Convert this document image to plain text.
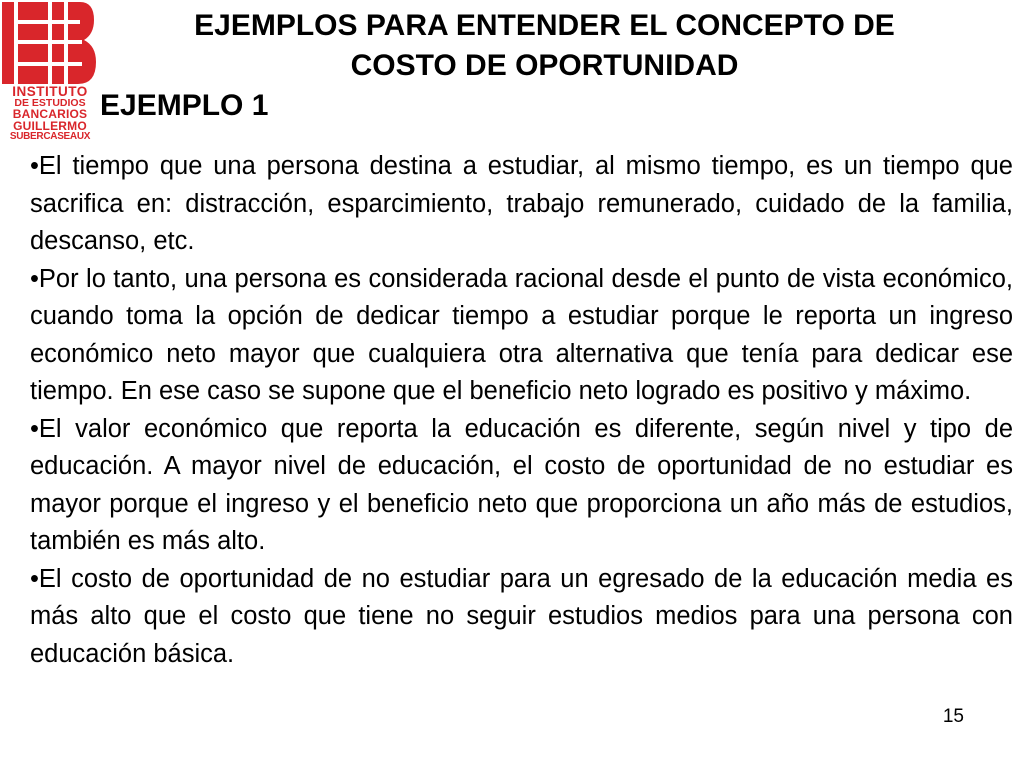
INSTITUTO
DE ESTUDIOS
BANCARIOS
GUILLERMO
SUBERCASEAUX
EJEMPLOS PARA ENTENDER EL CONCEPTO DE
COSTO DE OPORTUNIDAD
EJEMPLO 1

•El tiempo que una persona destina a estudiar, al mismo tiempo, es un tiempo que sacrifica en: distracción, esparcimiento, trabajo remunerado, cuidado de la familia, descanso, etc.

•Por lo tanto, una persona es considerada racional desde el punto de vista económico, cuando toma la opción de dedicar tiempo a estudiar porque le reporta un ingreso económico neto mayor que cualquiera otra alternativa que tenía para dedicar ese tiempo. En ese caso se supone que el beneficio neto logrado es positivo y máximo.

•El valor económico que reporta la educación es diferente, según nivel y tipo de educación. A mayor nivel de educación, el costo de oportunidad de no estudiar es mayor porque el ingreso y el beneficio neto que proporciona un año más de estudios, también es más alto.

•El costo de oportunidad de no estudiar para un egresado de la educación media es más alto que el costo que tiene no seguir estudios medios para una persona con educación básica.

15
